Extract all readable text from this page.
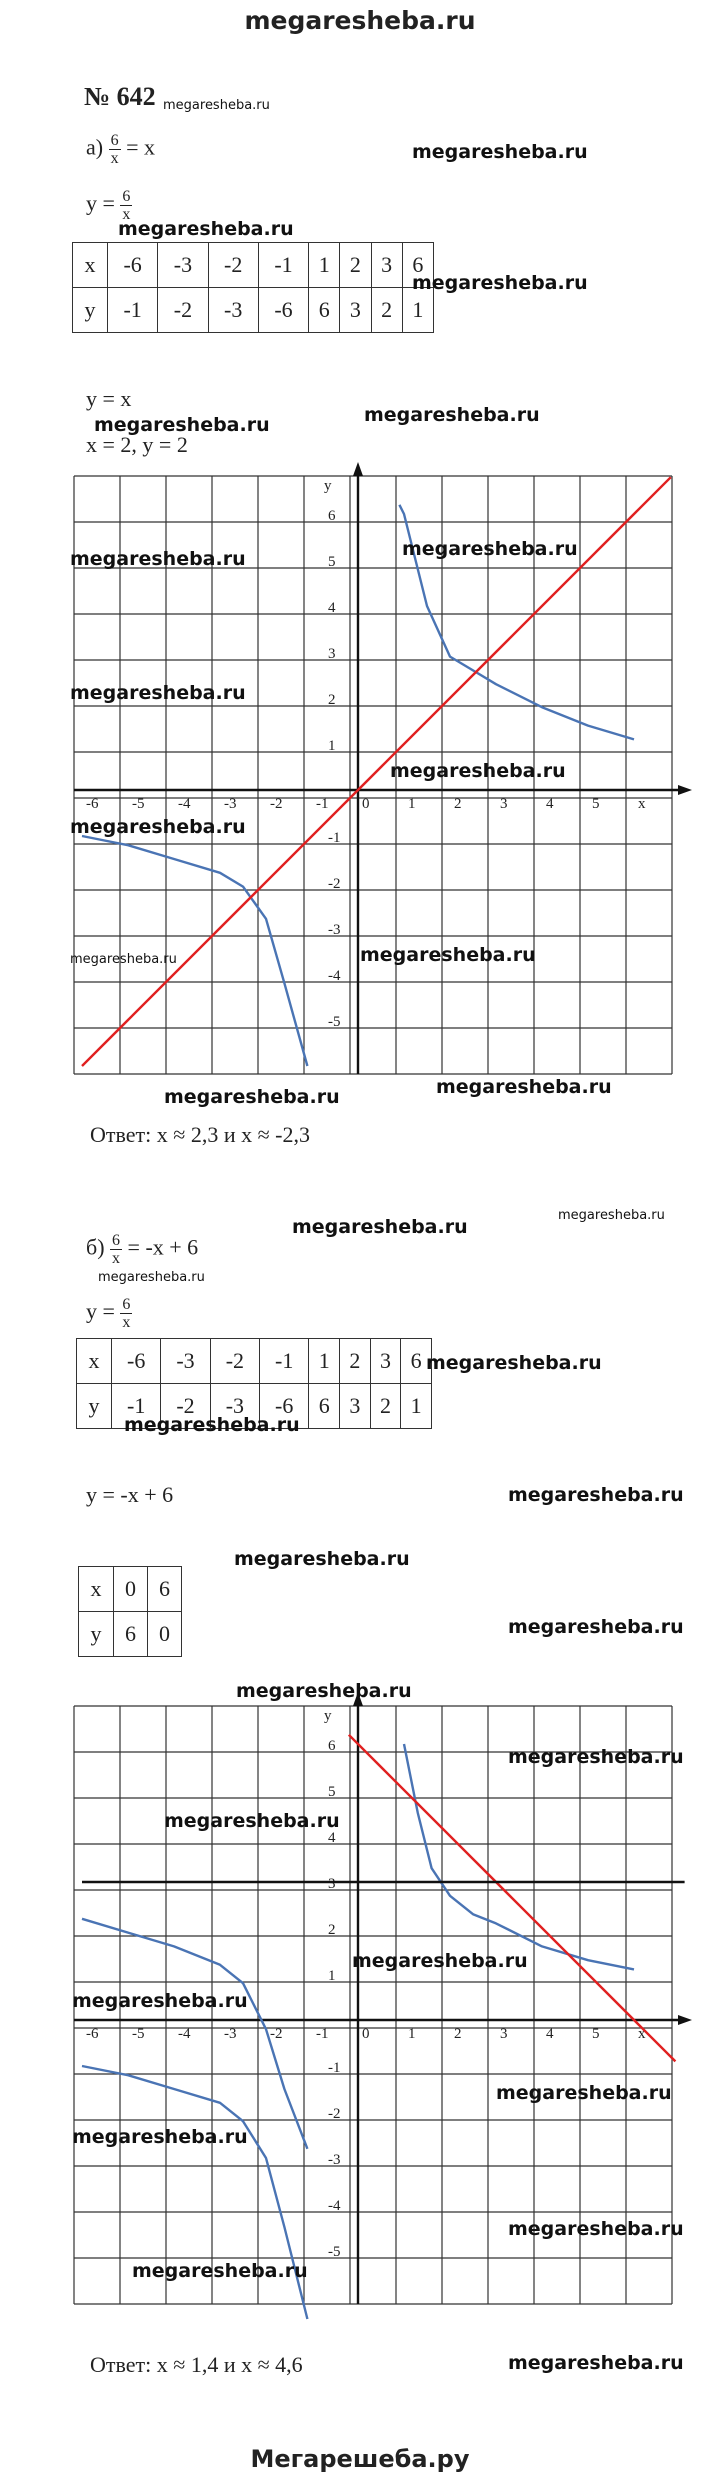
megaresheba.ru
Мегарешеба.ру
№ 642 megaresheba.ru
$а) \frac{6}{x} = x$
$y = \frac{6}{x}$
x	-6	-3	-2	-1	1	2	3	6
y	-1	-2	-3	-6	6	3	2	1
y = x
x = 2, y = 2
y
-6 -5 -4 -3 -2 -1 0	1	2	3	4	5	x
6
5
4
3
2
1
-1
-2
-3
-4
-5
Ответ: x ≈ 2,3 и x ≈ -2,3
$б) \frac{6}{x} = -x + 6$
$y = \frac{6}{x}$
x	-6	-3	-2	-1	1	2	3	6
y	-1	-2	-3	-6	6	3	2	1
y = -x + 6
x	0	6
y	6	0
y
-6 -5 -4 -3 -2 -1 0	1	2	3	4	5	x
6
5
4
3
2
1
-1
-2
-3
-4
-5
Ответ: x ≈ 1,4 и x ≈ 4,6
megaresheba.ru
megaresheba.ru
megaresheba.ru
megaresheba.ru
megaresheba.ru
megaresheba.ru	megaresheba.ru
megaresheba.ru
megaresheba.ru
megaresheba.ru
megaresheba.ru	megaresheba.ru
megaresheba.ru	megaresheba.ru
megaresheba.ru
megaresheba.ru
megaresheba.ru
megaresheba.ru
megaresheba.ru
megaresheba.ru
megaresheba.ru
megaresheba.ru
megaresheba.ru
megaresheba.ru
megaresheba.ru
megaresheba.ru
megaresheba.ru
megaresheba.ru
megaresheba.ru
megaresheba.ru
megaresheba.ru
megaresheba.ru
